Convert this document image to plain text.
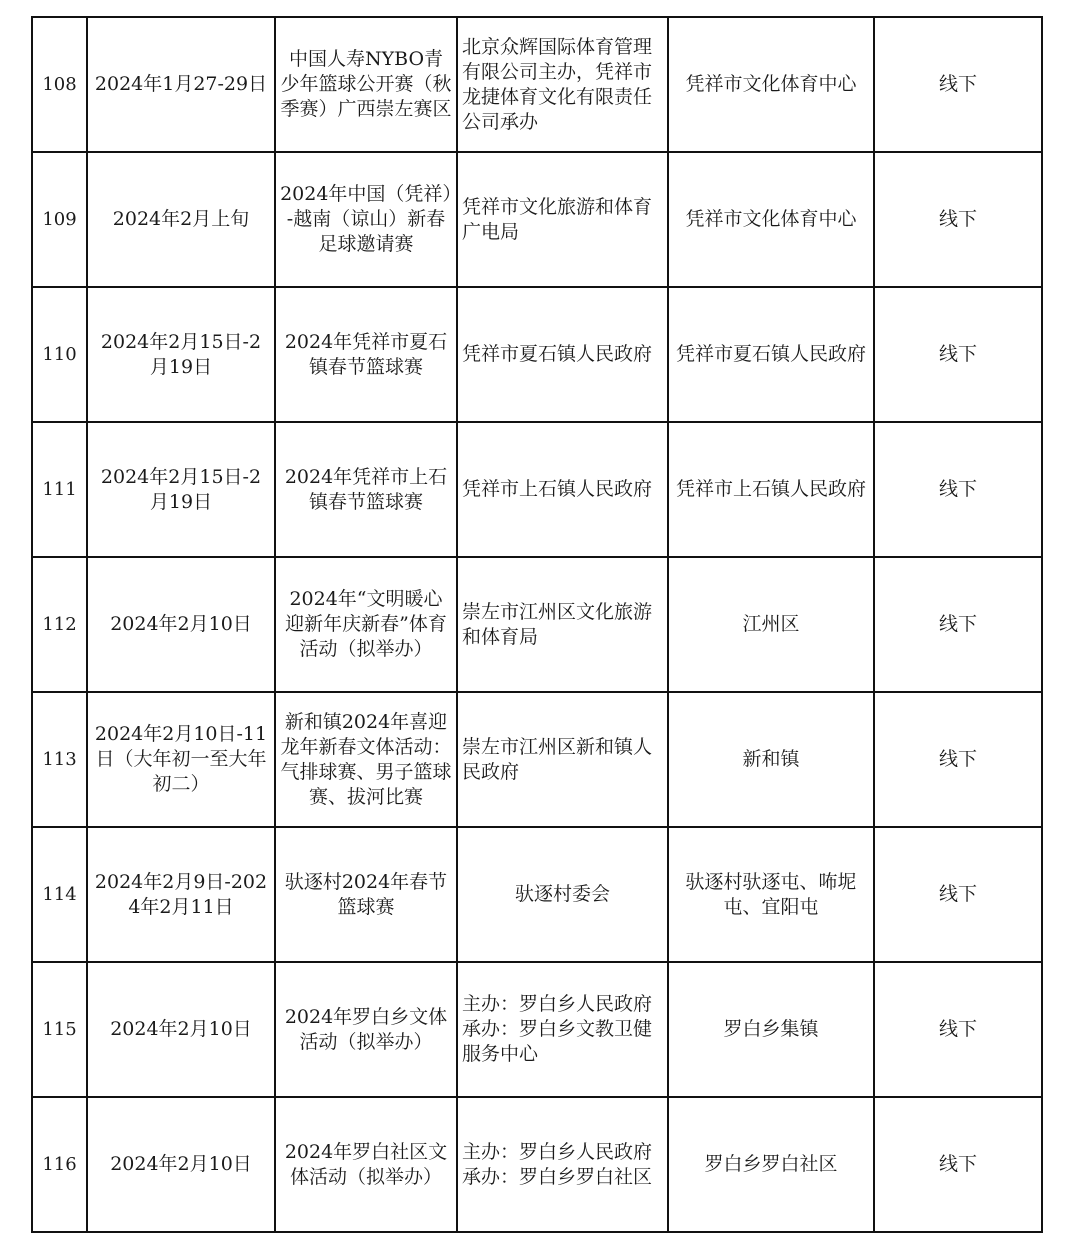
108	2024年1月27-29日	中国人寿NYBO青少年篮球公开赛（秋季赛）广西崇左赛区	北京众辉国际体育管理有限公司主办，凭祥市龙捷体育文化有限责任公司承办	凭祥市文化体育中心	线下
109	2024年2月上旬	2024年中国（凭祥）-越南（谅山）新春足球邀请赛	凭祥市文化旅游和体育广电局	凭祥市文化体育中心	线下
110	2024年2月15日-2月19日	2024年凭祥市夏石镇春节篮球赛	凭祥市夏石镇人民政府	凭祥市夏石镇人民政府	线下
111	2024年2月15日-2月19日	2024年凭祥市上石镇春节篮球赛	凭祥市上石镇人民政府	凭祥市上石镇人民政府	线下
112	2024年2月10日	2024年“文明暖心迎新年庆新春”体育活动（拟举办）	崇左市江州区文化旅游和体育局	江州区	线下
113	2024年2月10日-11日（大年初一至大年初二）	新和镇2024年喜迎龙年新春文体活动：气排球赛、男子篮球赛、拔河比赛	崇左市江州区新和镇人民政府	新和镇	线下
114	2024年2月9日-2024年2月11日	驮逐村2024年春节篮球赛	驮逐村委会	驮逐村驮逐屯、咘坭屯、宜阳屯	线下
115	2024年2月10日	2024年罗白乡文体活动（拟举办）	主办：罗白乡人民政府承办：罗白乡文教卫健服务中心	罗白乡集镇	线下
116	2024年2月10日	2024年罗白社区文体活动（拟举办）	主办：罗白乡人民政府承办：罗白乡罗白社区	罗白乡罗白社区	线下
